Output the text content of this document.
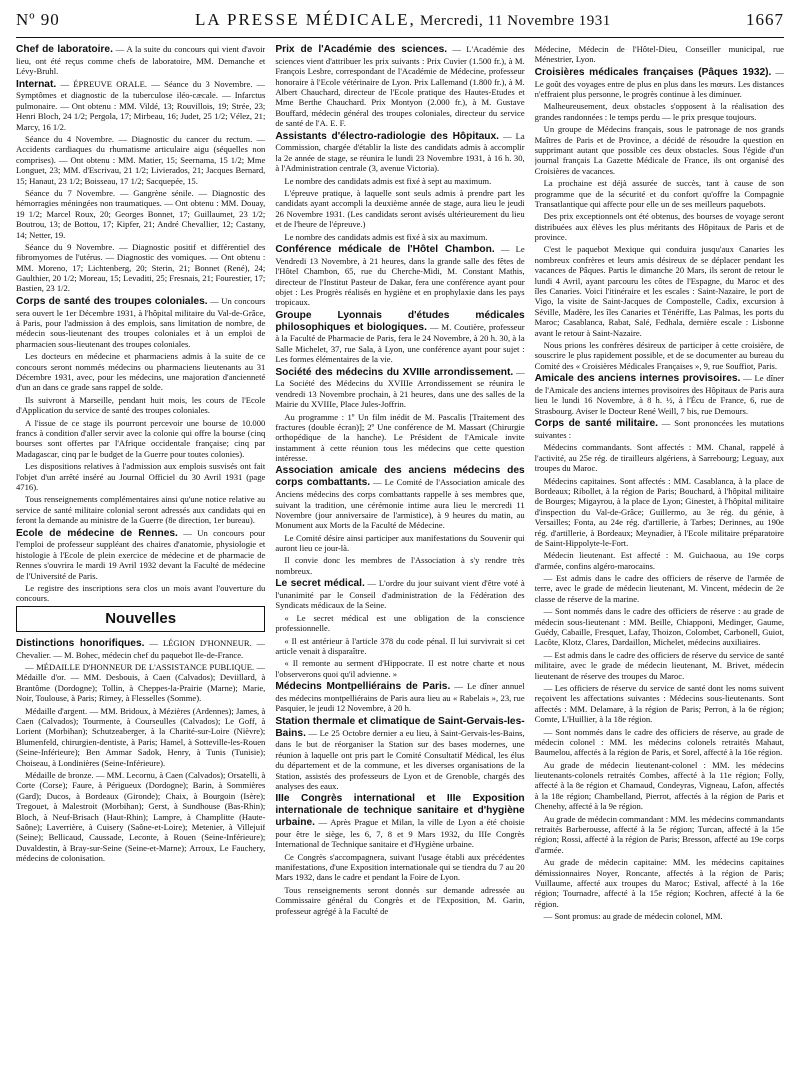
Nº 90	LA PRESSE MÉDICALE, Mercredi, 11 Novembre 1931	1667

Chef de laboratoire. — A la suite du concours qui vient d'avoir lieu, ont été reçus comme chefs de laboratoire, MM. Demanche et Lévy-Bruhl.

Internat. — ÉPREUVE ORALE. — Séance du 3 Novembre. — Symptômes et diagnostic de la tuberculose iléo-cæcale. — Infarctus pulmonaire. — Ont obtenu : MM. Vildé, 13; Rouvillois, 19; Strée, 23; Henri Bloch, 24 1/2; Pergola, 17; Mirbeau, 16; Judet, 25 1/2; Vélez, 21; Marcy, 16 1/2.

Séance du 4 Novembre. — Diagnostic du cancer du rectum. — Accidents cardiaques du rhumatisme articulaire aigu (séquelles non comprises). — Ont obtenu : MM. Matier, 15; Seernama, 15 1/2; Mme Longuet, 23; MM. d'Escrivau, 21 1/2; Livierados, 21; Jacques Bernard, 15; Hanaut, 23 1/2; Boisseau, 17 1/2; Sacquepée, 15.

Séance du 7 Novembre. — Gangrène sénile. — Diagnostic des hémorragies méningées non traumatiques. — Ont obtenu : MM. Douay, 19 1/2; Marcel Roux, 20; Georges Bonnet, 17; Guillaumet, 23 1/2; Boutrou, 13; de Bottou, 17; Kipfer, 21; André Chevallier, 12; Castany, 14; Netter, 19.

Séance du 9 Novembre. — Diagnostic positif et différentiel des fibromyomes de l'utérus. — Diagnostic des vomiques. — Ont obtenu : MM. Moreno, 17; Lichtenberg, 20; Sterin, 21; Bonnet (René), 24; Gaulthier, 20 1/2; Moreau, 15; Levaditi, 25; Fresnais, 21; Fourestier, 17; Bastien, 23 1/2.

Corps de santé des troupes coloniales. — Un concours sera ouvert le 1er Décembre 1931, à l'hôpital militaire du Val-de-Grâce, à Paris, pour l'admission à des emplois, sans limitation de nombre, de médecin sous-lieutenant des troupes coloniales et à un emploi de pharmacien sous-lieutenant des troupes coloniales.

Les docteurs en médecine et pharmaciens admis à la suite de ce concours seront nommés médecins ou pharmaciens lieutenants au 31 Décembre 1931, avec, pour les médecins, une majoration d'ancienneté d'un an dans ce grade sans rappel de solde.

Ils suivront à Marseille, pendant huit mois, les cours de l'Ecole d'Application du service de santé des troupes coloniales.

A l'issue de ce stage ils pourront percevoir une bourse de 10.000 francs à condition d'aller servir avec la colonie qui offre la bourse (cinq bourses sont offertes par l'Afrique occidentale française; cinq par Madagascar, cinq par le budget de la Guerre pour toutes colonies).

Les dispositions relatives à l'admission aux emplois susvisés ont fait l'objet d'un arrêté inséré au Journal Officiel du 30 Avril 1931 (page 4716).

Tous renseignements complémentaires ainsi qu'une notice relative au service de santé militaire colonial seront adressés aux candidats qui en feront la demande au ministre de la Guerre (8e direction, 1er bureau).

Ecole de médecine de Rennes. — Un concours pour l'emploi de professeur suppléant des chaires d'anatomie, physiologie et histologie à l'Ecole de plein exercice de médecine et de pharmacie de Rennes s'ouvrira le mardi 19 Avril 1932 devant la Faculté de médecine de l'Université de Paris.

Le registre des inscriptions sera clos un mois avant l'ouverture du concours.

Nouvelles

Distinctions honorifiques. — LÉGION D'HONNEUR. — Chevalier. — M. Bohec, médecin chef du paquebot Ile-de-France.

— MÉDAILLE D'HONNEUR DE L'ASSISTANCE PUBLIQUE. — Médaille d'or. — MM. Desbouis, à Caen (Calvados); Deviillard, à Brantôme (Dordogne); Tollin, à Cheppes-la-Prairie (Marne); Marie, Noir, Toulouse, à Paris; Rimey, à Flesselles (Somme).

Médaille d'argent. — MM. Bridoux, à Mézières (Ardennes); James, à Caen (Calvados); Tourmente, à Courseulles (Calvados); Le Goff, à Lorient (Morbihan); Schutzeaberger, à la Charité-sur-Loire (Nièvre); Blumenfeld, chirurgien-dentiste, à Paris; Hamel, à Sotteville-les-Rouen (Seine-Inférieure); Ben Ammar Sadok, Henry, à Tunis (Tunisie); Choiseau, à Londinières (Seine-Inférieure).

Médaille de bronze. — MM. Lecornu, à Caen (Calvados); Orsatelli, à Corte (Corse); Faure, à Périgueux (Dordogne); Barin, à Sommières (Gard); Ducos, à Bordeaux (Gironde); Chaix, à Bourgoin (Isère); Tregouet, à Malestroit (Morbihan); Gerst, à Sundhouse (Bas-Rhin); Bloch, à Neuf-Brisach (Haut-Rhin); Lampre, à Champlitte (Haute-Saône); Laverrière, à Cuisery (Saône-et-Loire); Metenier, à Villejuif (Seine); Bellicaud, Caussade, Leconte, à Rouen (Seine-Inférieure); Duvaldestin, à Bray-sur-Seine (Seine-et-Marne); Arroux, Le Fauchery, médecins de colonisation.

Prix de l'Académie des sciences. — L'Académie des sciences vient d'attribuer les prix suivants : Prix Cuvier (1.500 fr.), à M. François Lesbre, correspondant de l'Académie de Médecine, professeur honoraire à l'Ecole vétérinaire de Lyon. Prix Lallemand (1.800 fr.), à M. Albert Chauchard, directeur de l'Ecole pratique des Hautes-Etudes et Mme Berthe Chauchard. Prix Montyon (2.000 fr.), à M. Gustave Bouffard, médecin général des troupes coloniales, directeur du service de santé de l'A. E. F.

Assistants d'électro-radiologie des Hôpitaux. — La Commission, chargée d'établir la liste des candidats admis à accomplir la 2e année de stage, se réunira le lundi 23 Novembre 1931, à 16 h. 30, à l'Administration centrale (3, avenue Victoria).

Le nombre des candidats admis est fixé à sept au maximum.

L'épreuve pratique, à laquelle sont seuls admis à prendre part les candidats ayant accompli la deuxième année de stage, aura lieu le jeudi 26 Novembre 1931. (Les candidats seront avisés ultérieurement du lieu et de l'heure de l'épreuve.)

Le nombre des candidats admis est fixé à six au maximum.

Conférence médicale de l'Hôtel Chambon. — Le Vendredi 13 Novembre, à 21 heures, dans la grande salle des fêtes de l'Hôtel Chambon, 65, rue du Cherche-Midi, M. Constant Mathis, directeur de l'Institut Pasteur de Dakar, fera une conférence ayant pour objet : Les Progrès réalisés en hygiène et en prophylaxie dans les pays tropicaux.

Groupe Lyonnais d'études médicales philosophiques et biologiques. — M. Coutière, professeur à la Faculté de Pharmacie de Paris, fera le 24 Novembre, à 20 h. 30, à la Salle Michelet, 37, rue Sala, à Lyon, une conférence ayant pour sujet : Les formes élémentaires de la vie.

Société des médecins du XVIIIe arrondissement. — La Société des Médecins du XVIIIe Arrondissement se réunira le vendredi 13 Novembre prochain, à 21 heures, dans une des salles de la Mairie du XVIIIe, Place Jules-Joffrin.

Au programme : 1º Un film inédit de M. Pascalis [Traitement des fractures (double écran)]; 2º Une conférence de M. Massart (Chirurgie orthopédique de la hanche). Le Président de l'Amicale invite instamment à cette réunion tous les médecins que cette question intéresse.

Association amicale des anciens médecins des corps combattants. — Le Comité de l'Association amicale des Anciens médecins des corps combattants rappelle à ses membres que, suivant la tradition, une cérémonie intime aura lieu le mercredi 11 Novembre (jour anniversaire de l'armistice), à 9 heures du matin, au Monument aux Morts de la Faculté de Médecine.

Le Comité désire ainsi participer aux manifestations du Souvenir qui auront lieu ce jour-là.

Il convie donc les membres de l'Association à s'y rendre très nombreux.

Le secret médical. — L'ordre du jour suivant vient d'être voté à l'unanimité par le Conseil d'administration de la Fédération des Syndicats médicaux de la Seine.

« Le secret médical est une obligation de la conscience professionnelle.

« Il est antérieur à l'article 378 du code pénal. Il lui survivrait si cet article venait à disparaître.

« Il remonte au serment d'Hippocrate. Il est notre charte et nous l'observerons quoi qu'il advienne. »

Médecins Montpelliérains de Paris. — Le dîner annuel des médecins montpelliérains de Paris aura lieu au « Rabelais », 23, rue Pasquier, le jeudi 12 Novembre, à 20 h.

Station thermale et climatique de Saint-Gervais-les-Bains. — Le 25 Octobre dernier a eu lieu, à Saint-Gervais-les-Bains, dans le but de réorganiser la Station sur des bases modernes, une réunion à laquelle ont pris part le Comité Consultatif Médical, les élus du département et de la commune, et les diverses organisations de la Station, assistés des professeurs de Lyon et de Grenoble, chargés des analyses des eaux.

IIIe Congrès international et IIIe Exposition internationale de technique sanitaire et d'hygiène urbaine. — Après Prague et Milan, la ville de Lyon a été choisie pour être le siège, les 6, 7, 8 et 9 Mars 1932, du IIIe Congrès International de Technique sanitaire et d'Hygiène urbaine.

Ce Congrès s'accompagnera, suivant l'usage établi aux précédentes manifestations, d'une Exposition internationale qui se tiendra du 7 au 20 Mars 1932, dans le cadre et pendant la Foire de Lyon.

Tous renseignements seront donnés sur demande adressée au Commissaire général du Congrès et de l'Exposition, M. Garin, professeur agrégé à la Faculté de

Médecine, Médecin de l'Hôtel-Dieu, Conseiller municipal, rue Ménestrier, Lyon.

Croisières médicales françaises (Pâques 1932). — Le goût des voyages entre de plus en plus dans les mœurs. Les distances n'effraient plus personne, le progrès continue à les diminuer.

Malheureusement, deux obstacles s'opposent à la réalisation des grandes randonnées : le temps perdu — le prix presque toujours.

Un groupe de Médecins français, sous le patronage de nos grands Maîtres de Paris et de Province, a décidé de résoudre la question en supprimant autant que possible ces deux obstacles. Sous l'égide d'un journal français La Gazette Médicale de France, ils ont organisé des Croisières de vacances.

La prochaine est déjà assurée de succès, tant à cause de son programme que de la sécurité et du confort qu'offre la Compagnie Transatlantique qui affecte pour elle un de ses meilleurs paquebots.

Des prix exceptionnels ont été obtenus, des bourses de voyage seront distribuées aux élèves les plus méritants des Hôpitaux de Paris et de province.

C'est le paquebot Mexique qui conduira jusqu'aux Canaries les nombreux confrères et leurs amis désireux de se déplacer pendant les vacances de Pâques. Partis le dimanche 20 Mars, ils seront de retour le lundi 4 Avril, ayant parcouru les côtes de l'Espagne, du Maroc et des îles Canaries. Voici l'itinéraire et les escales : Saint-Nazaire, le port de Vigo, la visite de Saint-Jacques de Compostelle, Cadix, excursion à Séville, Madère, les îles Canaries et Ténériffe, Las Palmas, les ports du Maroc; Casablanca, Rabat, Salé, Fedhala, dernière escale : Lisbonne avant le retour à Saint-Nazaire.

Nous prions les confrères désireux de participer à cette croisière, de souscrire le plus rapidement possible, et de se documenter au bureau du Comité des « Croisières Médicales Françaises », 9, rue Souffiot, Paris.

Amicale des anciens internes provisoires. — Le dîner de l'Amicale des anciens internes provisoires des Hôpitaux de Paris aura lieu le lundi 16 Novembre, à 8 h. ½, à l'Écu de France, 6, rue de Strasbourg. Aviser le Docteur René Weill, 7 bis, rue Demours.

Corps de santé militaire. — Sont prononcées les mutations suivantes :

Médecins commandants. Sont affectés : MM. Chanal, rappelé à l'activité, au 25e rég. de tirailleurs algériens, à Sarrebourg; Leguay, aux troupes du Maroc.

Médecins capitaines. Sont affectés : MM. Casablanca, à la place de Bordeaux; Ribollet, à la région de Paris; Bouchard, à l'hôpital militaire de Bourges; Migayrou, à la place de Lyon; Ginestet, à l'hôpital militaire d'inspection du Val-de-Grâce; Guillermo, au 3e rég. du génie, à Versailles; Fonta, au 24e rég. d'artillerie, à Tarbes; Derinnes, au 190e rég. d'artillerie, à Bordeaux; Meynadier, à l'Ecole militaire préparatoire de Saint-Hippolyte-le-Fort.

Médecin lieutenant. Est affecté : M. Guichaoua, au 19e corps d'armée, confins algéro-marocains.

— Est admis dans le cadre des officiers de réserve de l'armée de terre, avec le grade de médecin lieutenant, M. Vincent, médecin de 2e classe de réserve de la marine.

— Sont nommés dans le cadre des officiers de réserve : au grade de médecin sous-lieutenant : MM. Beille, Chiapponi, Medinger, Gaume, Guédy, Cabaille, Fresquet, Lafay, Thoizon, Colombet, Carbonell, Guiot, Lacôte, Klotz, Clares, Dardaillon, Michelet, médecins auxiliaires.

— Est admis dans le cadre des officiers de réserve du service de santé militaire, avec le grade de médecin lieutenant, M. Brivet, médecin lieutenant de réserve des troupes du Maroc.

— Les officiers de réserve du service de santé dont les noms suivent reçoivent les affectations suivantes : Médecins sous-lieutenants. Sont affectés : MM. Delamare, à la région de Paris; Perron, à la 6e région; Comte, L'Huillier, à la 18e région.

— Sont nommés dans le cadre des officiers de réserve, au grade de médecin colonel : MM. les médecins colonels retraités Mahaut, Baumelou, affectés à la région de Paris, et Sorel, affecté à la 16e région.

Au grade de médecin lieutenant-colonel : MM. les médecins lieutenants-colonels retraités Combes, affecté à la 11e région; Folly, affecté à la 8e région et Chamaud, Condeyras, Vigneau, Lafon, affectés à la 18e région; Chambelland, Pierrot, affectés à la région de Paris et Chenehy, affecté à la 9e région.

Au grade de médecin commandant : MM. les médecins commandants retraités Barberousse, affecté à la 5e région; Turcan, affecté à la 15e région; Rossi, affecté à la région de Paris; Bresson, affecté au 19e corps d'armée.

Au grade de médecin capitaine: MM. les médecins capitaines démissionnaires Noyer, Roncante, affectés à la région de Paris; Vuillaume, affecté aux troupes du Maroc; Estival, affecté à la 16e région; Tournadre, affecté à la 15e région; Kochren, affecté à la 6e région.

— Sont promus: au grade de médecin colonel, MM.
